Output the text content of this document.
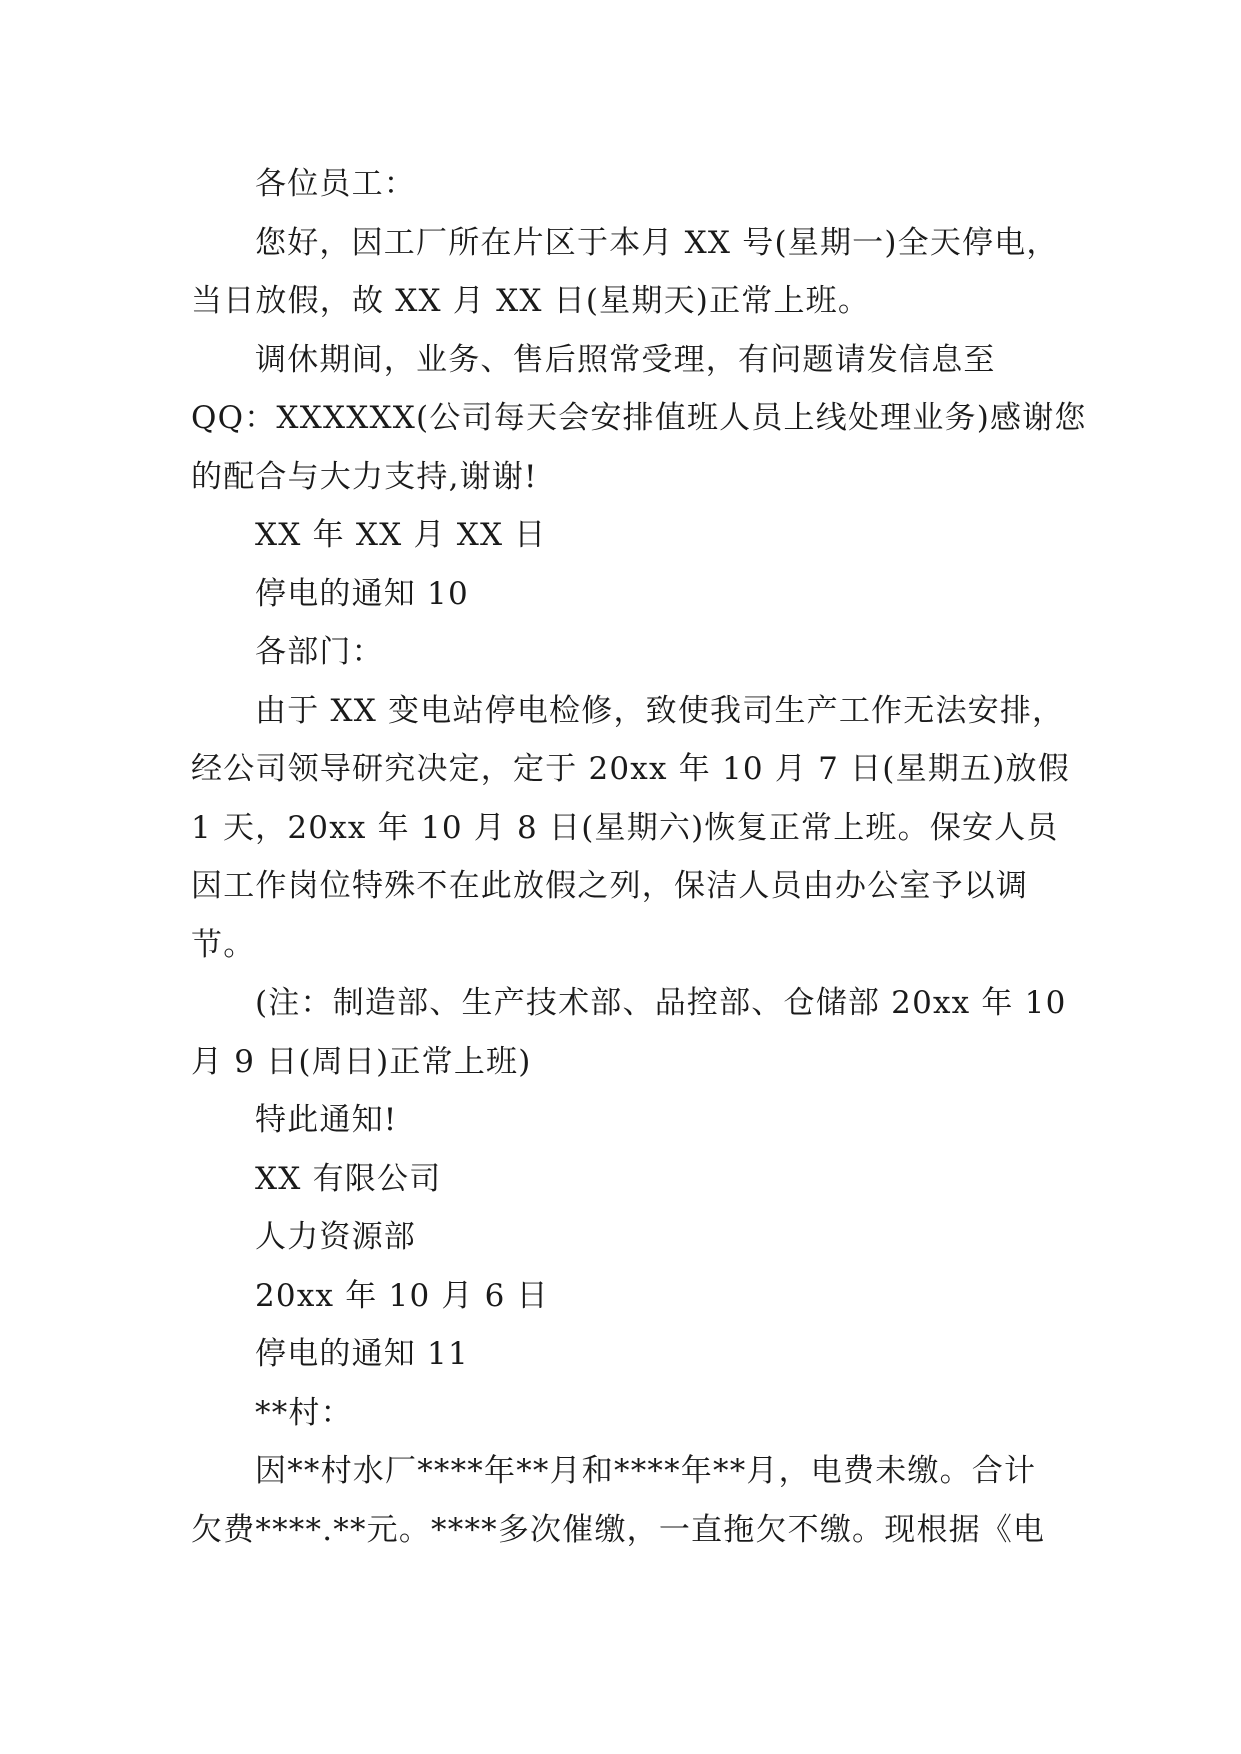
各位员工：
您好，因工厂所在片区于本月 XX 号(星期一)全天停电，
当日放假，故 XX 月 XX 日(星期天)正常上班。
调休期间，业务、售后照常受理，有问题请发信息至
QQ：XXXXXX(公司每天会安排值班人员上线处理业务)感谢您
的配合与大力支持,谢谢!
XX 年 XX 月 XX 日
停电的通知 10
各部门：
由于 XX 变电站停电检修，致使我司生产工作无法安排，
经公司领导研究决定，定于 20xx 年 10 月 7 日(星期五)放假
1 天，20xx 年 10 月 8 日(星期六)恢复正常上班。保安人员
因工作岗位特殊不在此放假之列，保洁人员由办公室予以调
节。
(注：制造部、生产技术部、品控部、仓储部 20xx 年 10
月 9 日(周日)正常上班)
特此通知!
XX 有限公司
人力资源部
20xx 年 10 月 6 日
停电的通知 11
**村：
因**村水厂****年**月和****年**月，电费未缴。合计
欠费****.**元。****多次催缴，一直拖欠不缴。现根据《电
